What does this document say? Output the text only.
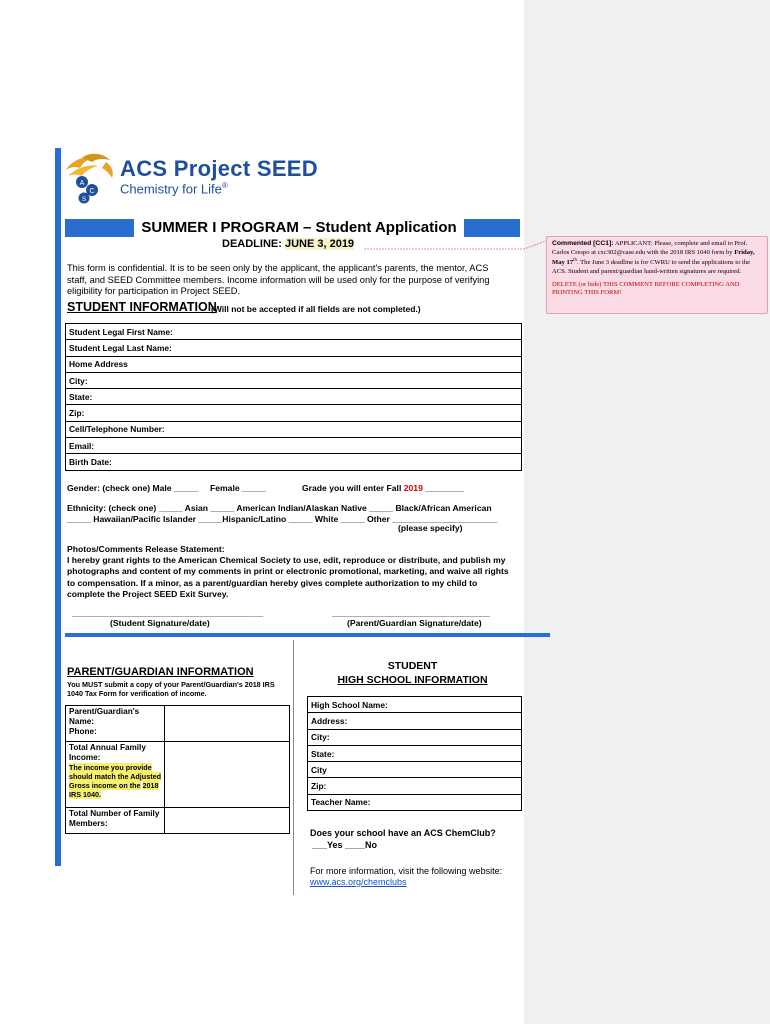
Commented [CC1]: APPLICANT: Please, complete and email to Prof. Carlos Crespo at cxc302@case.edu with the 2018 IRS 1040 form by Friday, May 17th. The June 3 deadline is for CWRU to send the applications to the ACS. Student and parent/guardian hand-written signatures are required.
DELETE (or hide) THIS COMMENT BEFORE COMPLETING AND PRINTING THIS FORM!
A
C
S
ACS Project SEED
Chemistry for Life®
SUMMER I PROGRAM – Student Application
DEADLINE: JUNE 3, 2019
This form is confidential. It is to be seen only by the applicant, the applicant's parents, the mentor, ACS staff, and SEED Committee members. Income information will be used only for the purpose of verifying eligibility for participation in Project SEED.
STUDENT INFORMATION
(Will not be accepted if all fields are not completed.)
Student Legal First Name:
Student Legal Last Name:
Home Address
City:
State:
Zip:
Cell/Telephone Number:
Email:
Birth Date:
Gender: (check one) Male _____ Female _____	Grade you will enter Fall 2019 ________
Ethnicity: (check one) _____ Asian _____ American Indian/Alaskan Native _____ Black/African American
_____ Hawaiian/Pacific Islander _____Hispanic/Latino _____ White _____ Other ______________________
(please specify)
Photos/Comments Release Statement:
I hereby grant rights to the American Chemical Society to use, edit, reproduce or distribute, and publish my photographs and content of my comments in print or electronic promotional, marketing, and waive all rights to compensation. If a minor, as a parent/guardian hereby gives complete authorization to my child to complete the Project SEED Exit Survey.
________________________________________
(Student Signature/date)
_________________________________
(Parent/Guardian Signature/date)
PARENT/GUARDIAN INFORMATION
You MUST submit a copy of your Parent/Guardian's 2018 IRS 1040 Tax Form for verification of income.
Parent/Guardian's Name:
Phone:	

Total Annual Family Income:
The income you provide should match the Adjusted Gross income on the 2018 IRS 1040.	

Total Number of Family Members:	
STUDENT
HIGH SCHOOL INFORMATION
High School Name:
Address:
City:
State:
City
Zip:
Teacher Name:
Does your school have an ACS ChemClub?
___Yes ____No
For more information, visit the following website:
www.acs.org/chemclubs
